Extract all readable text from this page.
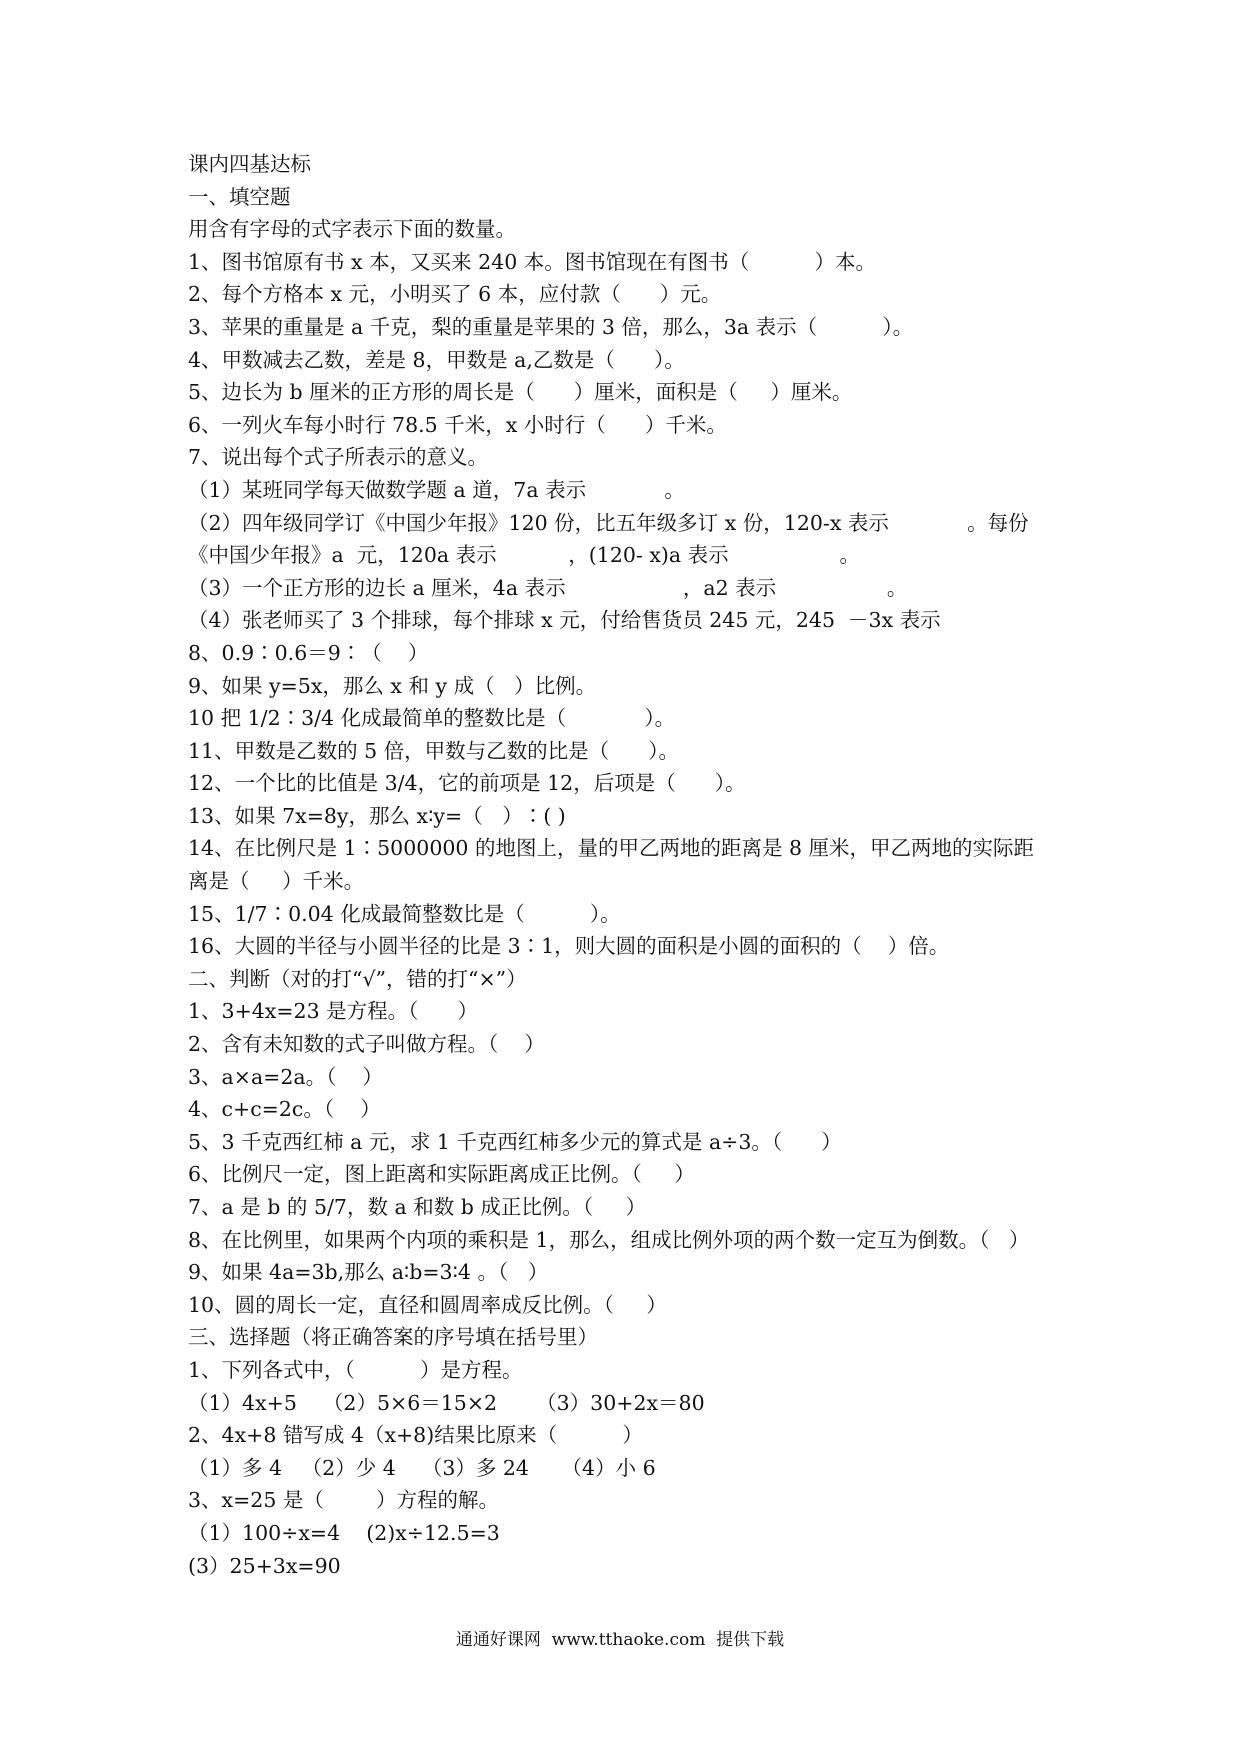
课内四基达标
一、填空题
用含有字母的式字表示下面的数量。
1、图书馆原有书 x 本，又买来 240 本。图书馆现在有图书（          ）本。
2、每个方格本 x 元，小明买了 6 本，应付款（      ）元。
3、苹果的重量是 a 千克，梨的重量是苹果的 3 倍，那么，3a 表示（          ）。
4、甲数减去乙数，差是 8，甲数是 a,乙数是（      ）。
5、边长为 b 厘米的正方形的周长是（      ）厘米，面积是（     ）厘米。
6、一列火车每小时行 78.5 千米，x 小时行（      ）千米。
7、说出每个式子所表示的意义。
（1）某班同学每天做数学题 a 道，7a 表示            。
（2）四年级同学订《中国少年报》120 份，比五年级多订 x 份，120-x 表示            。每份
《中国少年报》a  元，120a 表示           ，(120- x)a 表示                 。
（3）一个正方形的边长 a 厘米，4a 表示                  ，a2 表示                 。
（4）张老师买了 3 个排球，每个排球 x 元，付给售货员 245 元，245  －3x 表示
8、0.9∶0.6＝9∶（    ）
9、如果 y=5x，那么 x 和 y 成（   ）比例。
10 把 1/2∶3/4 化成最简单的整数比是（            ）。
11、甲数是乙数的 5 倍，甲数与乙数的比是（      ）。
12、一个比的比值是 3/4，它的前项是 12，后项是（      ）。
13、如果 7x=8y，那么 x∶y=（   ）∶( )
14、在比例尺是 1∶5000000 的地图上，量的甲乙两地的距离是 8 厘米，甲乙两地的实际距
离是（     ）千米。
15、1/7∶0.04 化成最简整数比是（          ）。
16、大圆的半径与小圆半径的比是 3∶1，则大圆的面积是小圆的面积的（    ）倍。
二、判断（对的打“√”，错的打“×”）
1、3+4x=23 是方程。（      ）
2、含有未知数的式子叫做方程。（    ）
3、a×a=2a。（    ）
4、c+c=2c。（    ）
5、3 千克西红柿 a 元，求 1 千克西红柿多少元的算式是 a÷3。（      ）
6、比例尺一定，图上距离和实际距离成正比例。（     ）
7、a 是 b 的 5/7，数 a 和数 b 成正比例。（     ）
8、在比例里，如果两个内项的乘积是 1，那么，组成比例外项的两个数一定互为倒数。（   ）
9、如果 4a=3b,那么 a∶b=3∶4 。（   ）
10、圆的周长一定，直径和圆周率成反比例。（     ）
三、选择题（将正确答案的序号填在括号里）
1、下列各式中，（          ）是方程。
（1）4x+5    （2）5×6＝15×2      （3）30+2x＝80
2、4x+8 错写成 4（x+8)结果比原来（          ）
（1）多 4   （2）少 4    （3）多 24     （4）小 6
3、x=25 是（        ）方程的解。
（1）100÷x=4    (2)x÷12.5=3
(3）25+3x=90
通通好课网  www.tthaoke.com  提供下载
